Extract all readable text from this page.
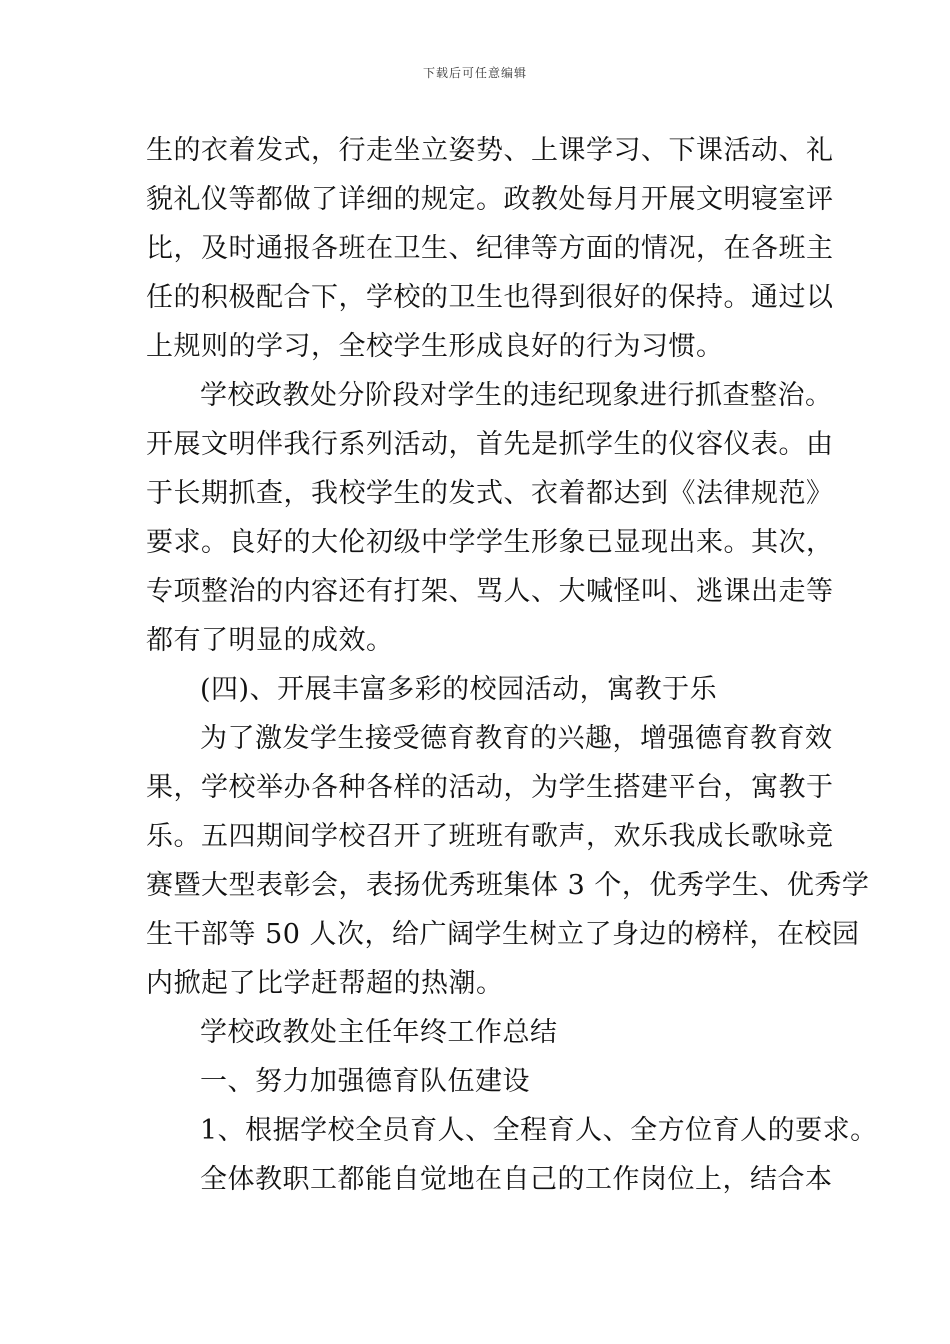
下载后可任意编辑
生的衣着发式，行走坐立姿势、上课学习、下课活动、礼
貌礼仪等都做了详细的规定。政教处每月开展文明寝室评
比，及时通报各班在卫生、纪律等方面的情况，在各班主
任的积极配合下，学校的卫生也得到很好的保持。通过以
上规则的学习，全校学生形成良好的行为习惯。
学校政教处分阶段对学生的违纪现象进行抓查整治。
开展文明伴我行系列活动，首先是抓学生的仪容仪表。由
于长期抓查，我校学生的发式、衣着都达到《法律规范》
要求。良好的大伦初级中学学生形象已显现出来。其次，
专项整治的内容还有打架、骂人、大喊怪叫、逃课出走等
都有了明显的成效。
(四)、开展丰富多彩的校园活动，寓教于乐
为了激发学生接受德育教育的兴趣，增强德育教育效
果，学校举办各种各样的活动，为学生搭建平台，寓教于
乐。五四期间学校召开了班班有歌声，欢乐我成长歌咏竞
赛暨大型表彰会，表扬优秀班集体 3 个，优秀学生、优秀学
生干部等 50 人次，给广阔学生树立了身边的榜样，在校园
内掀起了比学赶帮超的热潮。
学校政教处主任年终工作总结
一、努力加强德育队伍建设
1、根据学校全员育人、全程育人、全方位育人的要求。
全体教职工都能自觉地在自己的工作岗位上，结合本
